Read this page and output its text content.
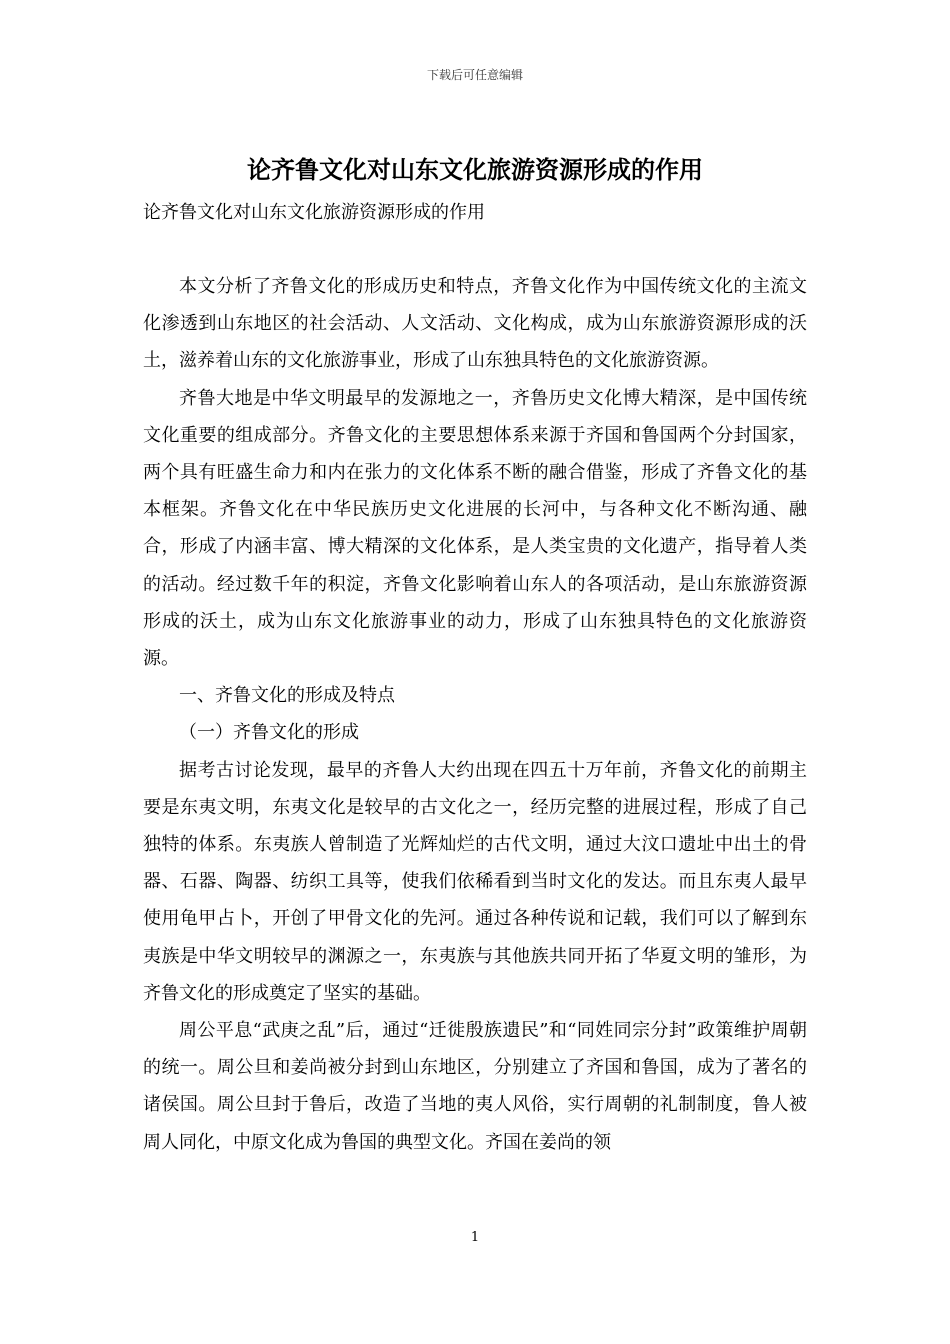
下载后可任意编辑
论齐鲁文化对山东文化旅游资源形成的作用

论齐鲁文化对山东文化旅游资源形成的作用

本文分析了齐鲁文化的形成历史和特点，齐鲁文化作为中国传统文化的主流文化渗透到山东地区的社会活动、人文活动、文化构成，成为山东旅游资源形成的沃土，滋养着山东的文化旅游事业，形成了山东独具特色的文化旅游资源。

齐鲁大地是中华文明最早的发源地之一，齐鲁历史文化博大精深，是中国传统文化重要的组成部分。齐鲁文化的主要思想体系来源于齐国和鲁国两个分封国家，两个具有旺盛生命力和内在张力的文化体系不断的融合借鉴，形成了齐鲁文化的基本框架。齐鲁文化在中华民族历史文化进展的长河中，与各种文化不断沟通、融合，形成了内涵丰富、博大精深的文化体系，是人类宝贵的文化遗产，指导着人类的活动。经过数千年的积淀，齐鲁文化影响着山东人的各项活动，是山东旅游资源形成的沃土，成为山东文化旅游事业的动力，形成了山东独具特色的文化旅游资源。

一、齐鲁文化的形成及特点

（一）齐鲁文化的形成

据考古讨论发现，最早的齐鲁人大约出现在四五十万年前，齐鲁文化的前期主要是东夷文明，东夷文化是较早的古文化之一，经历完整的进展过程，形成了自己独特的体系。东夷族人曾制造了光辉灿烂的古代文明，通过大汶口遗址中出土的骨器、石器、陶器、纺织工具等，使我们依稀看到当时文化的发达。而且东夷人最早使用龟甲占卜，开创了甲骨文化的先河。通过各种传说和记载，我们可以了解到东夷族是中华文明较早的渊源之一，东夷族与其他族共同开拓了华夏文明的雏形，为齐鲁文化的形成奠定了坚实的基础。

周公平息“武庚之乱”后，通过“迁徙殷族遗民”和“同姓同宗分封”政策维护周朝的统一。周公旦和姜尚被分封到山东地区，分别建立了齐国和鲁国，成为了著名的诸侯国。周公旦封于鲁后，改造了当地的夷人风俗，实行周朝的礼制制度，鲁人被周人同化，中原文化成为鲁国的典型文化。齐国在姜尚的领

1
